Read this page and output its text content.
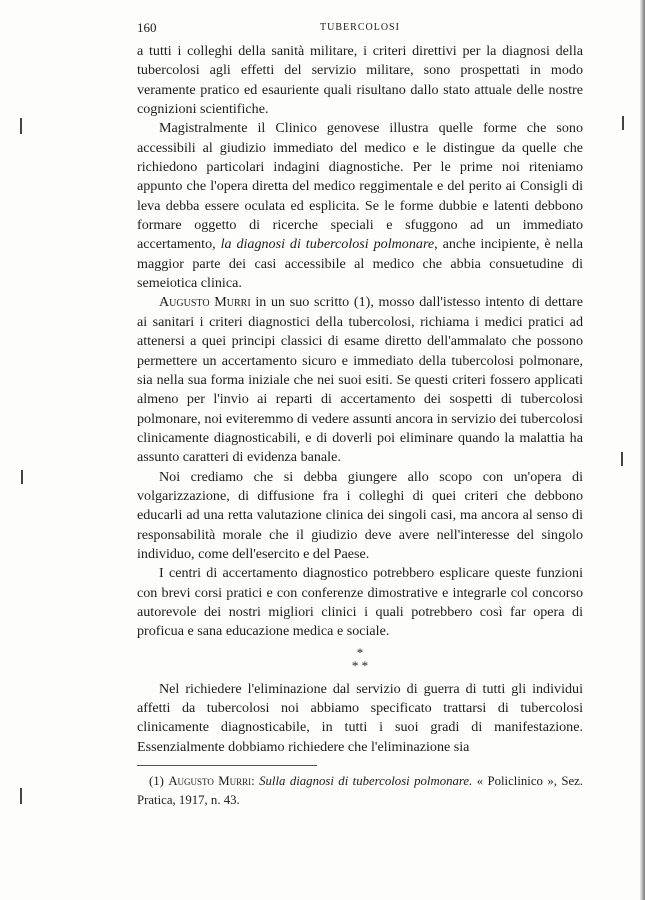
160	TUBERCOLOSI

a tutti i colleghi della sanità militare, i criteri direttivi per la diagnosi della tubercolosi agli effetti del servizio militare, sono prospettati in modo veramente pratico ed esauriente quali risultano dallo stato attuale delle nostre cognizioni scientifiche.

Magistralmente il Clinico genovese illustra quelle forme che sono accessibili al giudizio immediato del medico e le distingue da quelle che richiedono particolari indagini diagnostiche. Per le prime noi riteniamo appunto che l'opera diretta del medico reggimentale e del perito ai Consigli di leva debba essere oculata ed esplicita. Se le forme dubbie e latenti debbono formare oggetto di ricerche speciali e sfuggono ad un immediato accertamento, la diagnosi di tubercolosi polmonare, anche incipiente, è nella maggior parte dei casi accessibile al medico che abbia consuetudine di semeiotica clinica.

Augusto Murri in un suo scritto (1), mosso dall'istesso intento di dettare ai sanitari i criteri diagnostici della tubercolosi, richiama i medici pratici ad attenersi a quei principi classici di esame diretto dell'ammalato che possono permettere un accertamento sicuro e immediato della tubercolosi polmonare, sia nella sua forma iniziale che nei suoi esiti. Se questi criteri fossero applicati almeno per l'invio ai reparti di accertamento dei sospetti di tubercolosi polmonare, noi eviteremmo di vedere assunti ancora in servizio dei tubercolosi clinicamente diagnosticabili, e di doverli poi eliminare quando la malattia ha assunto caratteri di evidenza banale.

Noi crediamo che si debba giungere allo scopo con un'opera di volgarizzazione, di diffusione fra i colleghi di quei criteri che debbono educarli ad una retta valutazione clinica dei singoli casi, ma ancora al senso di responsabilità morale che il giudizio deve avere nell'interesse del singolo individuo, come dell'esercito e del Paese.

I centri di accertamento diagnostico potrebbero esplicare queste funzioni con brevi corsi pratici e con conferenze dimostrative e integrarle col concorso autorevole dei nostri migliori clinici i quali potrebbero così far opera di proficua e sana educazione medica e sociale.

*
* *

Nel richiedere l'eliminazione dal servizio di guerra di tutti gli individui affetti da tubercolosi noi abbiamo specificato trattarsi di tubercolosi clinicamente diagnosticabile, in tutti i suoi gradi di manifestazione. Essenzialmente dobbiamo richiedere che l'eliminazione sia

(1) Augusto Murri: Sulla diagnosi di tubercolosi polmonare. « Policlinico », Sez. Pratica, 1917, n. 43.
